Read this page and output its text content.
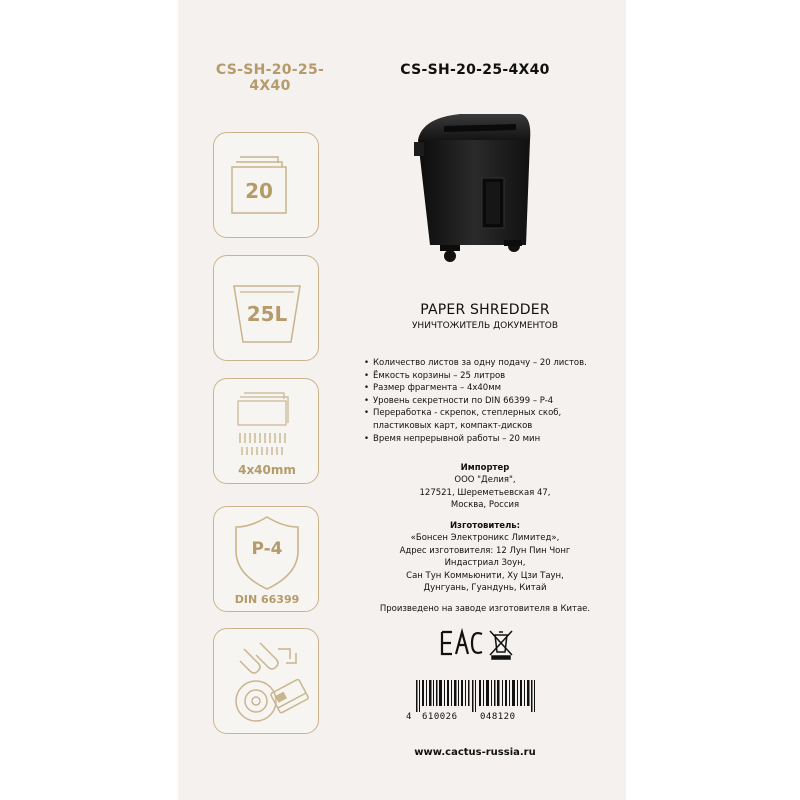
CS-SH-20-25-4X40
CS-SH-20-25-4X40
20
25L
4x40mm
P-4
DIN 66399
PAPER SHREDDER
УНИЧТОЖИТЕЛЬ ДОКУМЕНТОВ
• Количество листов за одну подачу – 20 листов.
• Ёмкость корзины – 25 литров
• Размер фрагмента – 4x40мм
• Уровень секретности по DIN 66399 – P-4
• Переработка - скрепок, степлерных скоб, пластиковых карт, компакт-дисков
• Время непрерывной работы – 20 мин
Импортер
ООО "Делия",
127521, Шереметьевская 47,
Москва, Россия
Изготовитель:
«Бонсен Электроникс Лимитед»,
Адрес изготовителя: 12 Лун Пин Чонг
Индастриал Зоун,
Сан Тун Коммьюнити, Ху Цзи Таун,
Дунгуань, Гуандунь, Китай
Произведено на заводе изготовителя в Китае.
4 610026 048120
www.cactus-russia.ru
